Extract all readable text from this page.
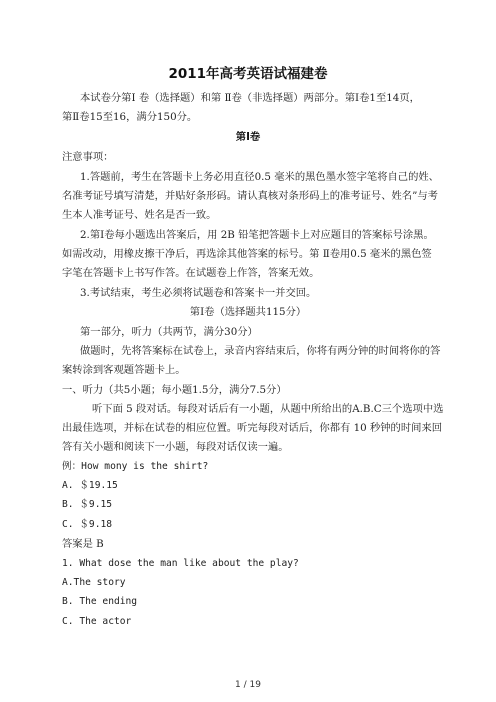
2011年高考英语试福建卷
本试卷分第Ⅰ 卷（选择题）和第 Ⅱ卷（非选择题）两部分。第Ⅰ卷1至14页，
第Ⅱ卷15至16，满分150分。
第Ⅰ卷
注意事项：
1.答题前，考生在答题卡上务必用直径0.5 毫米的黑色墨水签字笔将自己的姓、
名准考证号填写清楚，并贴好条形码。请认真核对条形码上的准考证号、姓名”与考
生本人准考证号、姓名是否一致。
2.第Ⅰ卷每小题选出答案后，用 2B 铅笔把答题卡上对应题目的答案标号涂黑。
如需改动，用橡皮擦干净后，再选涂其他答案的标号。第 Ⅱ卷用0.5 毫米的黑色签
字笔在答题卡上书写作答。在试题卷上作答，答案无效。
3.考试结束，考生必须将试题卷和答案卡一并交回。
第Ⅰ卷（选择题共115分）
第一部分，听力（共两节，满分30分）
做题时，先将答案标在试卷上，录音内容结束后，你将有两分钟的时间将你的答
案转涂到客观题答题卡上。
一、听力（共5小题；每小题1.5分，满分7.5分）
听下面 5 段对话。每段对话后有一小题，从题中所给出的A.B.C三个选项中选
出最佳选项，并标在试卷的相应位置。听完每段对话后，你都有 10 秒钟的时间来回
答有关小题和阅读下一小题，每段对话仅读一遍。
例：How mony is the shirt?
A. ＄19.15
B. ＄9.15
C. ＄9.18
答案是 B
1. What dose the man like about the play?
A.The story
B. The ending
C. The actor
1 / 19
